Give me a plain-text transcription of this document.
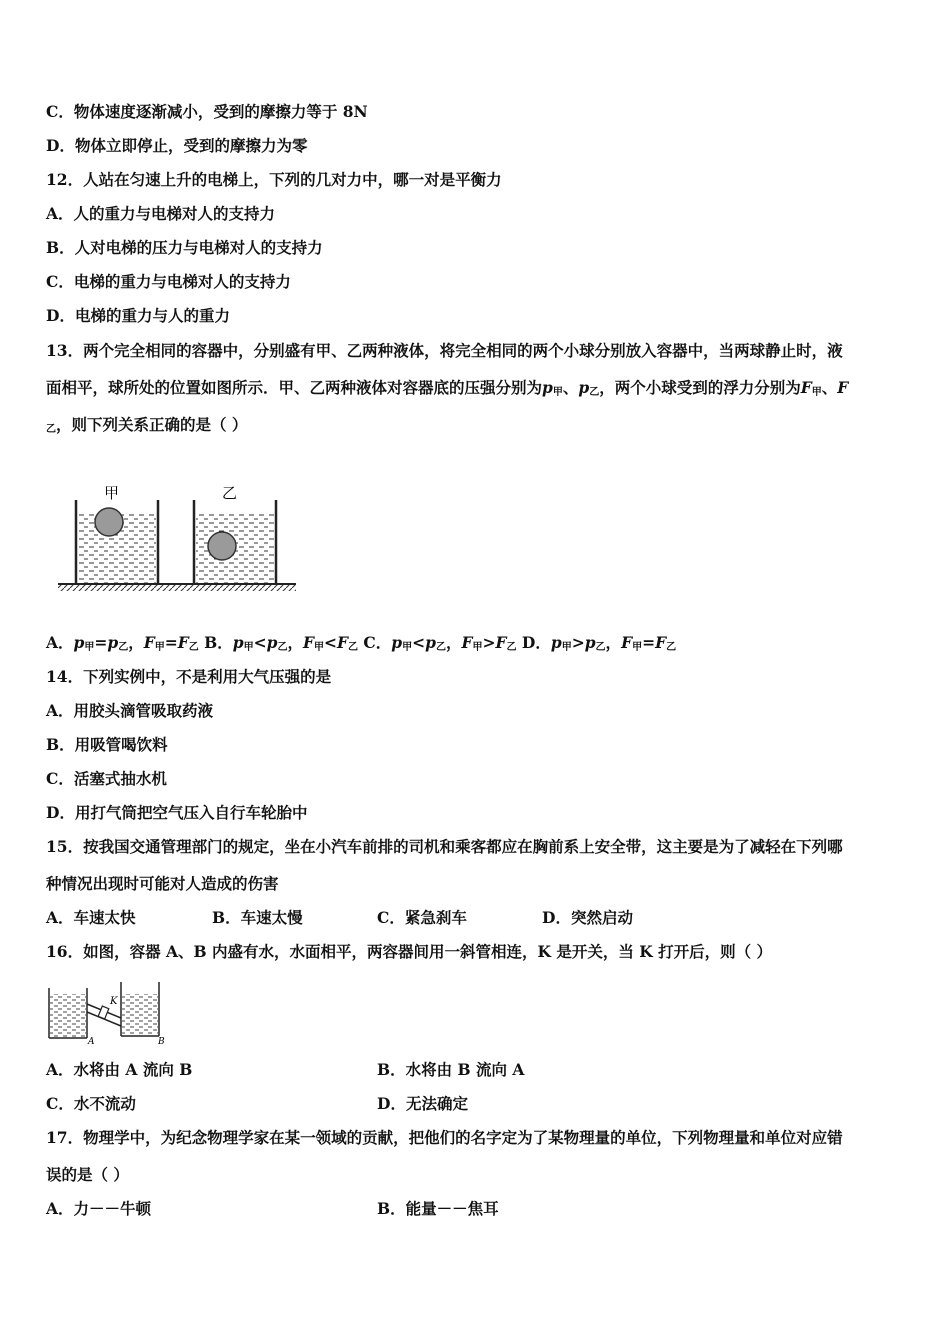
C．物体速度逐渐减小，受到的摩擦力等于 8N
D．物体立即停止，受到的摩擦力为零
12．人站在匀速上升的电梯上，下列的几对力中，哪一对是平衡力
A．人的重力与电梯对人的支持力
B．人对电梯的压力与电梯对人的支持力
C．电梯的重力与电梯对人的支持力
D．电梯的重力与人的重力
13．两个完全相同的容器中，分别盛有甲、乙两种液体，将完全相同的两个小球分别放入容器中，当两球静止时，液
面相平，球所处的位置如图所示．甲、乙两种液体对容器底的压强分别为$p_甲$、$p_乙$，两个小球受到的浮力分别为$F_甲$、F
$_乙$，则下列关系正确的是（ ）
甲	乙
A．$p_甲=p_乙$，$F_甲=F_乙$ B．$p_甲<p_乙$，$F_甲<F_乙$ C．$p_甲<p_乙$，$F_甲>F_乙$ D．$p_甲>p_乙$，$F_甲=F_乙$
14．下列实例中，不是利用大气压强的是
A．用胶头滴管吸取药液
B．用吸管喝饮料
C．活塞式抽水机
D．用打气筒把空气压入自行车轮胎中
15．按我国交通管理部门的规定，坐在小汽车前排的司机和乘客都应在胸前系上安全带，这主要是为了减轻在下列哪
种情况出现时可能对人造成的伤害
A．车速太快	B．车速太慢	C．紧急刹车	D．突然启动
16．如图，容器 A、B 内盛有水，水面相平，两容器间用一斜管相连，K 是开关，当 K 打开后，则（ ）
K
A	B
A．水将由 A 流向 B	B．水将由 B 流向 A
C．水不流动	D．无法确定
17．物理学中，为纪念物理学家在某一领域的贡献，把他们的名字定为了某物理量的单位，下列物理量和单位对应错
误的是（ ）
A．力－－牛顿	B．能量－－焦耳
